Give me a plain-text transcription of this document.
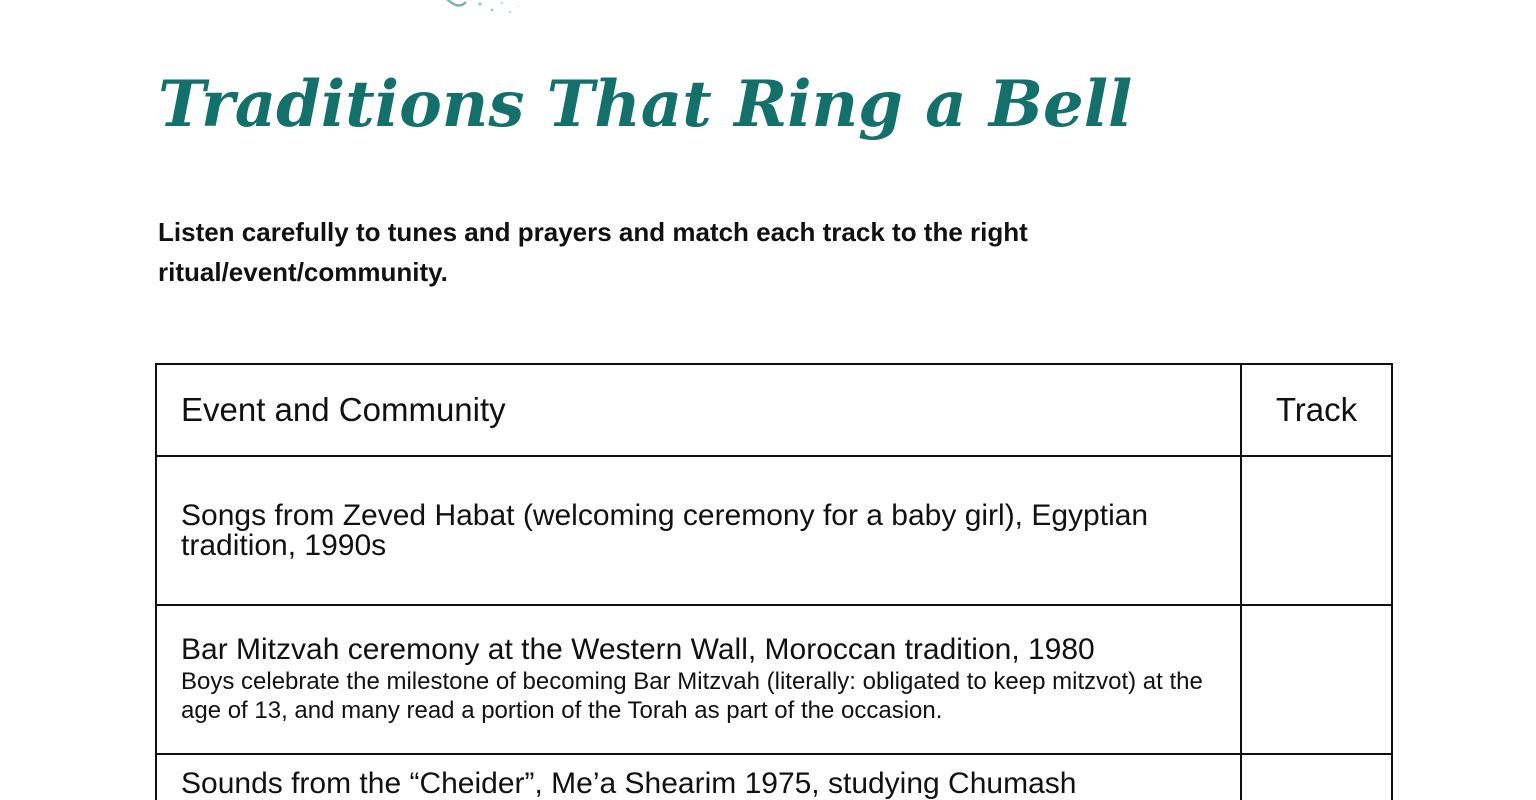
Traditions That Ring a Bell

Listen carefully to tunes and prayers and match each track to the right ritual/event/community.

Event and Community	Track

Songs from Zeved Habat (welcoming ceremony for a baby girl), Egyptian tradition, 1990s	

Bar Mitzvah ceremony at the Western Wall, Moroccan tradition, 1980
Boys celebrate the milestone of becoming Bar Mitzvah (literally: obligated to keep mitzvot) at the age of 13, and many read a portion of the Torah as part of the occasion.	

Sounds from the “Cheider”, Me’a Shearim 1975, studying Chumash	
